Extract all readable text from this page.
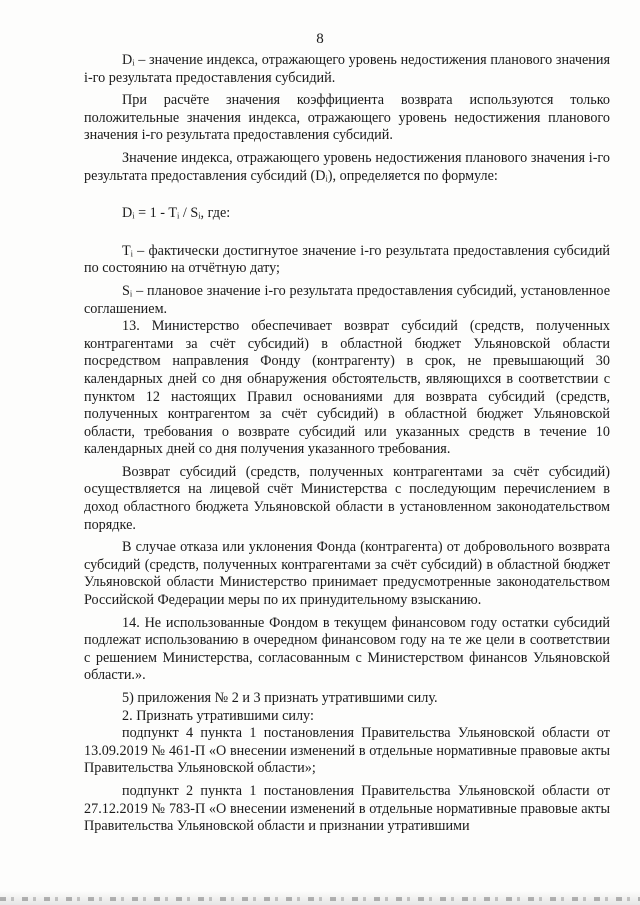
8

Dᵢ – значение индекса, отражающего уровень недостижения планового значения i-го результата предоставления субсидий.

При расчёте значения коэффициента возврата используются только положительные значения индекса, отражающего уровень недостижения планового значения i-го результата предоставления субсидий.

Значение индекса, отражающего уровень недостижения планового значения i-го результата предоставления субсидий (Dᵢ), определяется по формуле:

Dᵢ = 1 - Tᵢ / Sᵢ, где:

Tᵢ – фактически достигнутое значение i-го результата предоставления субсидий по состоянию на отчётную дату;

Sᵢ – плановое значение i-го результата предоставления субсидий, установленное соглашением.

13. Министерство обеспечивает возврат субсидий (средств, полученных контрагентами за счёт субсидий) в областной бюджет Ульяновской области посредством направления Фонду (контрагенту) в срок, не превышающий 30 календарных дней со дня обнаружения обстоятельств, являющихся в соответствии с пунктом 12 настоящих Правил основаниями для возврата субсидий (средств, полученных контрагентом за счёт субсидий) в областной бюджет Ульяновской области, требования о возврате субсидий или указанных средств в течение 10 календарных дней со дня получения указанного требования.

Возврат субсидий (средств, полученных контрагентами за счёт субсидий) осуществляется на лицевой счёт Министерства с последующим перечислением в доход областного бюджета Ульяновской области в установленном законодательством порядке.

В случае отказа или уклонения Фонда (контрагента) от добровольного возврата субсидий (средств, полученных контрагентами за счёт субсидий) в областной бюджет Ульяновской области Министерство принимает предусмотренные законодательством Российской Федерации меры по их принудительному взысканию.

14. Не использованные Фондом в текущем финансовом году остатки субсидий подлежат использованию в очередном финансовом году на те же цели в соответствии с решением Министерства, согласованным с Министерством финансов Ульяновской области.».

5) приложения № 2 и 3 признать утратившими силу.

2. Признать утратившими силу:

подпункт 4 пункта 1 постановления Правительства Ульяновской области от 13.09.2019 № 461-П «О внесении изменений в отдельные нормативные правовые акты Правительства Ульяновской области»;

подпункт 2 пункта 1 постановления Правительства Ульяновской области от 27.12.2019 № 783-П «О внесении изменений в отдельные нормативные правовые акты Правительства Ульяновской области и признании утратившими
